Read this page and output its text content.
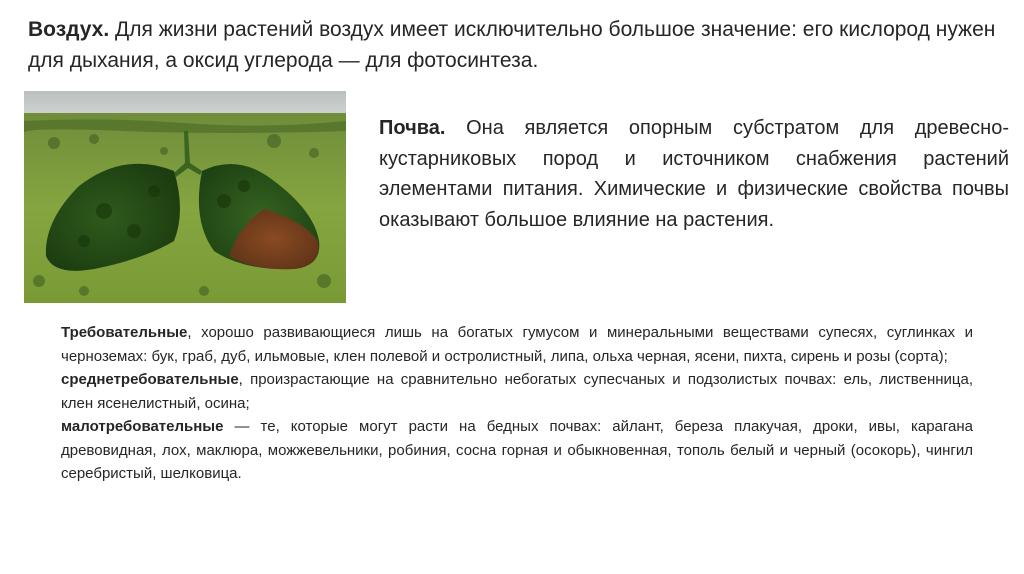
Воздух. Для жизни растений воздух имеет исключительно большое значение: его кислород нужен для дыхания, а оксид углерода — для фотосинтеза.
Почва. Она является опорным субстратом для древесно-кустарниковых пород и источником снабжения растений элементами питания. Химические и физические свойства почвы оказывают большое влияние на растения.

Требовательные, хорошо развивающиеся лишь на богатых гумусом и минеральными веществами супесях, суглинках и черноземах: бук, граб, дуб, ильмовые, клен полевой и остролистный, липа, ольха черная, ясени, пихта, сирень и розы (сорта);

среднетребовательные, произрастающие на сравнительно небогатых супесчаных и подзолистых почвах: ель, лиственница, клен ясенелистный, осина;

малотребовательные — те, которые могут расти на бедных почвах: айлант, береза плакучая, дроки, ивы, карагана древовидная, лох, маклюра, можжевельники, робиния, сосна горная и обыкновенная, тополь белый и черный (осокорь), чингил серебристый, шелковица.
